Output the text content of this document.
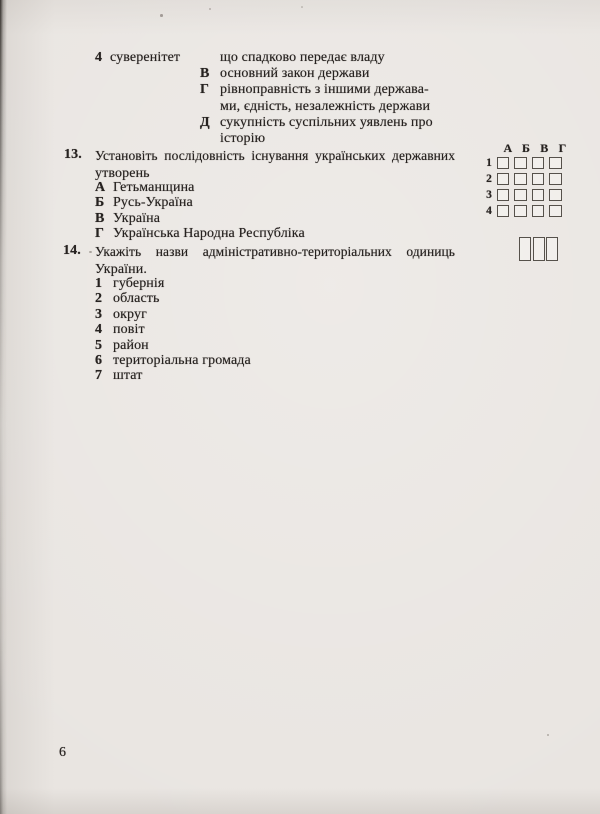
4 суверенітет	що спадково передає владу
В основний закон держави
Г рівноправність з іншими держава-
ми, єдність, незалежність держави
Д сукупність суспільних уявлень про
історію
13. Установіть послідовність існування українських державних
утворень
А Гетьманщина
Б Русь-Україна
В Україна
Г Українська Народна Республіка
А Б В Г
1
2
3
4
14. Укажіть назви адміністративно-територіальних одиниць
України.
1 губернія
2 область
3 округ
4 повіт
5 район
6 територіальна громада
7 штат
6
